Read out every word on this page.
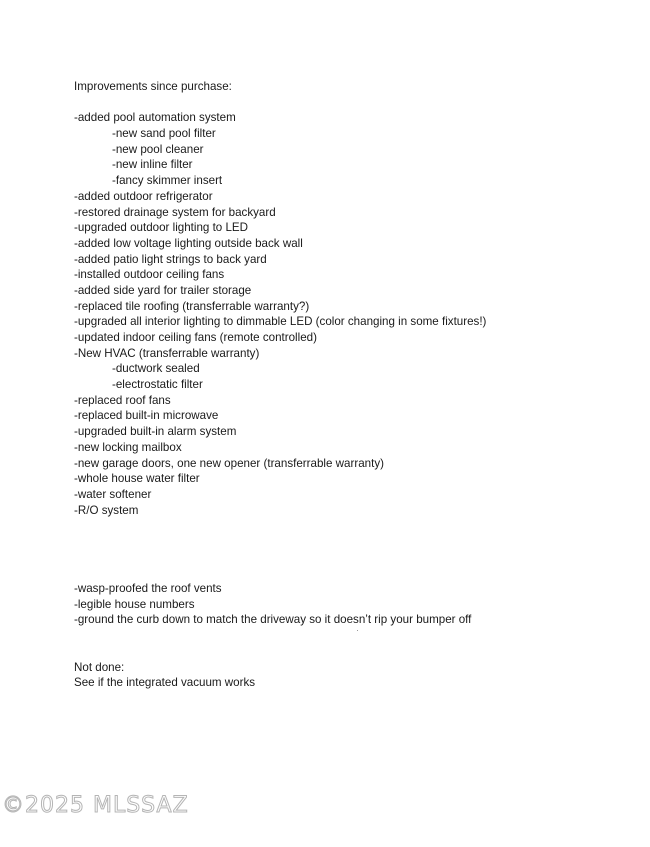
Improvements since purchase:
-added pool automation system
-new sand pool filter
-new pool cleaner
-new inline filter
-fancy skimmer insert
-added outdoor refrigerator
-restored drainage system for backyard
-upgraded outdoor lighting to LED
-added low voltage lighting outside back wall
-added patio light strings to back yard
-installed outdoor ceiling fans
-added side yard for trailer storage
-replaced tile roofing (transferrable warranty?)
-upgraded all interior lighting to dimmable LED (color changing in some fixtures!)
-updated indoor ceiling fans (remote controlled)
-New HVAC (transferrable warranty)
-ductwork sealed
-electrostatic filter
-replaced roof fans
-replaced built-in microwave
-upgraded built-in alarm system
-new locking mailbox
-new garage doors, one new opener (transferrable warranty)
-whole house water filter
-water softener
-R/O system
-wasp-proofed the roof vents
-legible house numbers
-ground the curb down to match the driveway so it doesn’t rip your bumper off
Not done:
See if the integrated vacuum works
©2025 MLSSAZ
